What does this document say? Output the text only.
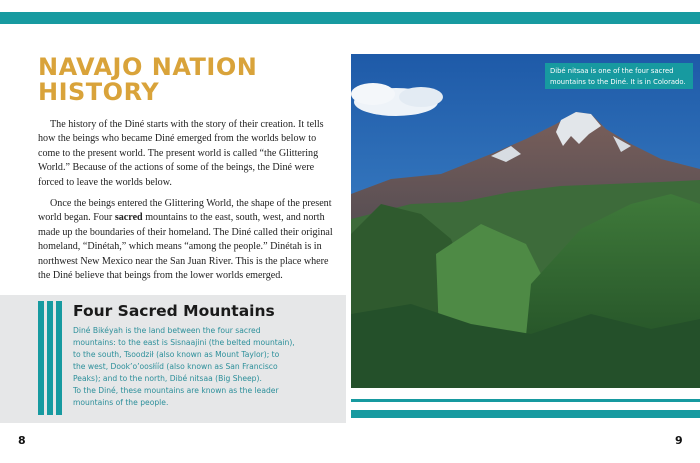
NAVAJO NATION
HISTORY

The history of the Diné starts with the story of their creation. It tells how the beings who became Diné emerged from the worlds below to come to the present world. The present world is called “the Glittering World.” Because of the actions of some of the beings, the Diné were forced to leave the worlds below.

Once the beings entered the Glittering World, the shape of the present world began. Four sacred mountains to the east, south, west, and north made up the boundaries of their homeland. The Diné called their original homeland, “Dinétah,” which means “among the people.” Dinétah is in northwest New Mexico near the San Juan River. This is the place where the Diné believe that beings from the lower worlds emerged.

Four Sacred Mountains

Diné Bikéyah is the land between the four sacred
mountains: to the east is Sisnaajini (the belted mountain),
to the south, Tsoodził (also known as Mount Taylor); to
the west, Dook’o’oosłííd (also known as San Francisco
Peaks); and to the north, Dibé nitsaa (Big Sheep).
To the Diné, these mountains are known as the leader
mountains of the people.

Dibé nitsaa is one of the four sacred
mountains to the Diné. It is in Colorado.
8	9
